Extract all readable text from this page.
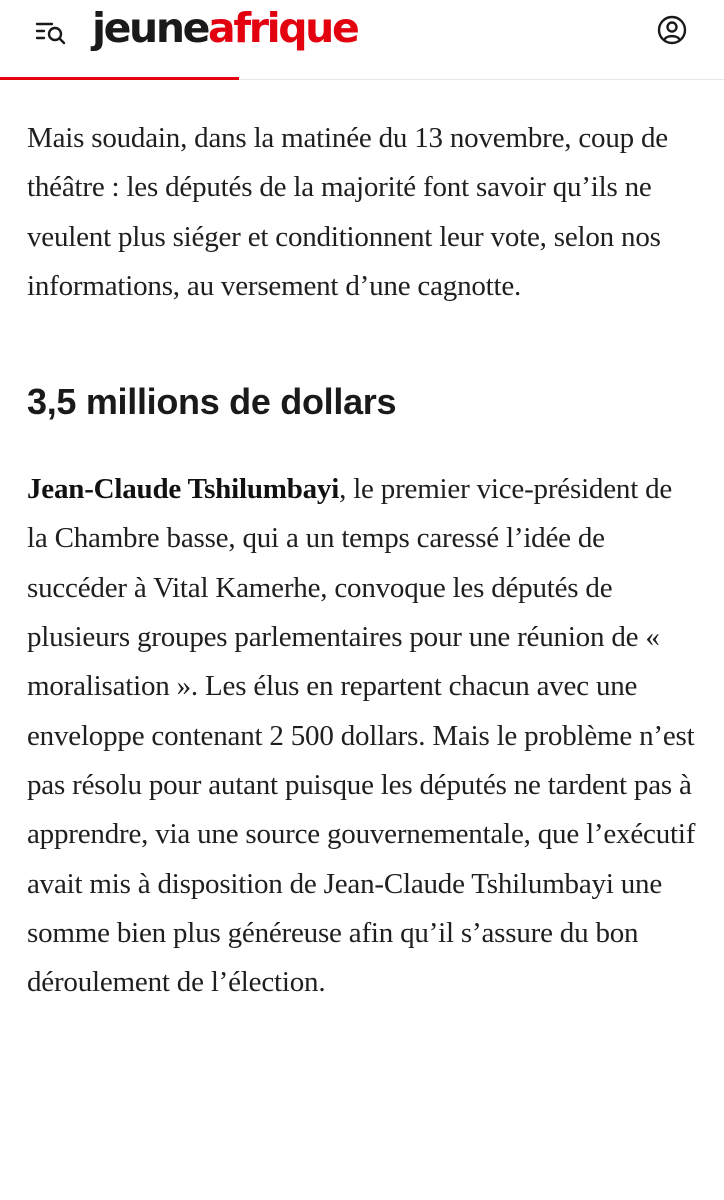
jeune afrique

Mais soudain, dans la matinée du 13 novembre, coup de théâtre : les députés de la majorité font savoir qu’ils ne veulent plus siéger et conditionnent leur vote, selon nos informations, au versement d’une cagnotte.

3,5 millions de dollars

Jean-Claude Tshilumbayi, le premier vice-président de la Chambre basse, qui a un temps caressé l’idée de succéder à Vital Kamerhe, convoque les députés de plusieurs groupes parlementaires pour une réunion de « moralisation ». Les élus en repartent chacun avec une enveloppe contenant 2 500 dollars. Mais le problème n’est pas résolu pour autant puisque les députés ne tardent pas à apprendre, via une source gouvernementale, que l’exécutif avait mis à disposition de Jean-Claude Tshilumbayi une somme bien plus généreuse afin qu’il s’assure du bon déroulement de l’élection.
